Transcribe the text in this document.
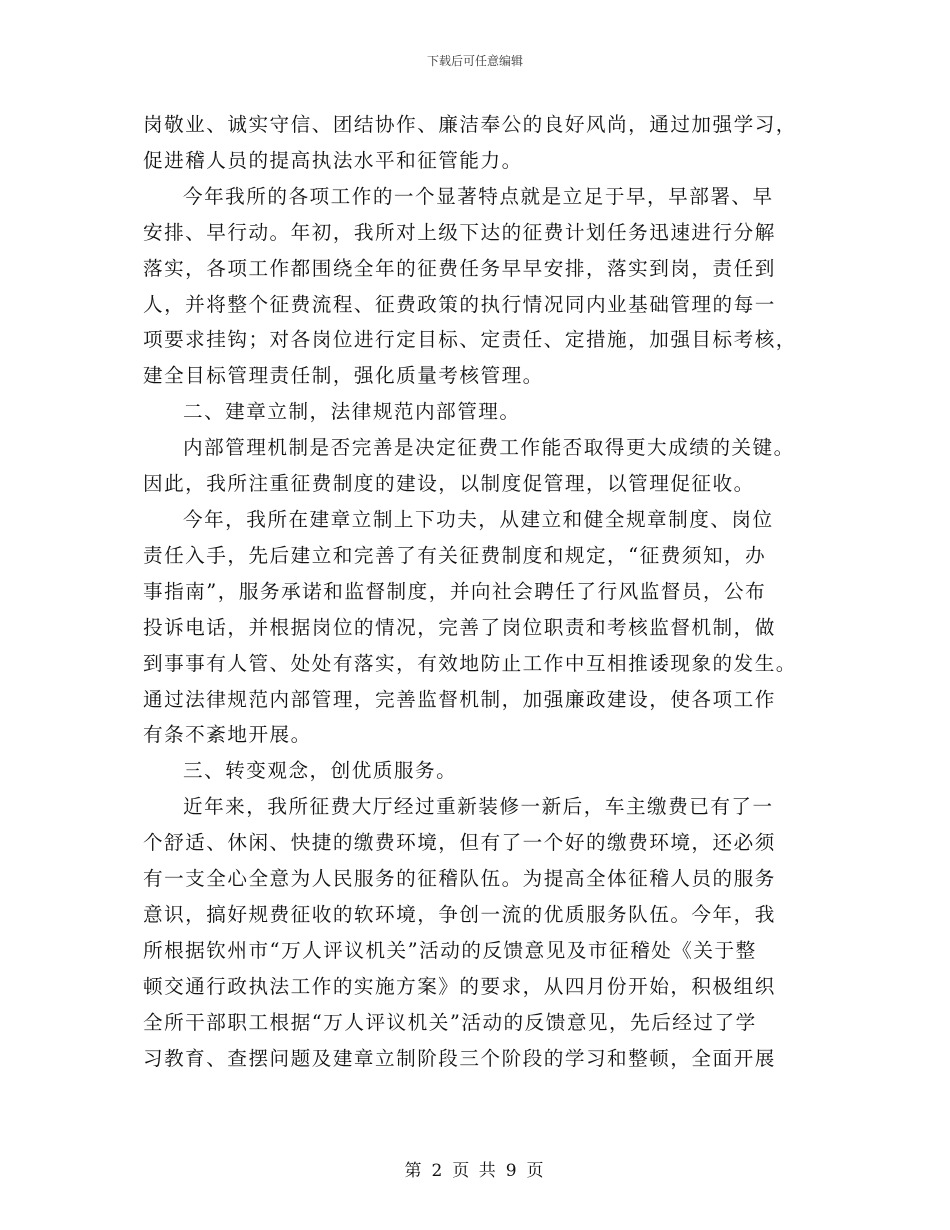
下载后可任意编辑

岗敬业、诚实守信、团结协作、廉洁奉公的良好风尚，通过加强学习，
促进稽人员的提高执法水平和征管能力。

今年我所的各项工作的一个显著特点就是立足于早，早部署、早
安排、早行动。年初，我所对上级下达的征费计划任务迅速进行分解
落实，各项工作都围绕全年的征费任务早早安排，落实到岗，责任到
人，并将整个征费流程、征费政策的执行情况同内业基础管理的每一
项要求挂钩；对各岗位进行定目标、定责任、定措施，加强目标考核，
建全目标管理责任制，强化质量考核管理。

二、建章立制，法律规范内部管理。

内部管理机制是否完善是决定征费工作能否取得更大成绩的关键。
因此，我所注重征费制度的建设，以制度促管理，以管理促征收。

今年，我所在建章立制上下功夫，从建立和健全规章制度、岗位
责任入手，先后建立和完善了有关征费制度和规定，“征费须知，办
事指南”，服务承诺和监督制度，并向社会聘任了行风监督员，公布
投诉电话，并根据岗位的情况，完善了岗位职责和考核监督机制，做
到事事有人管、处处有落实，有效地防止工作中互相推诿现象的发生。
通过法律规范内部管理，完善监督机制，加强廉政建设，使各项工作
有条不紊地开展。

三、转变观念，创优质服务。

近年来，我所征费大厅经过重新装修一新后，车主缴费已有了一
个舒适、休闲、快捷的缴费环境，但有了一个好的缴费环境，还必须
有一支全心全意为人民服务的征稽队伍。为提高全体征稽人员的服务
意识，搞好规费征收的软环境，争创一流的优质服务队伍。今年，我
所根据钦州市“万人评议机关”活动的反馈意见及市征稽处《关于整
顿交通行政执法工作的实施方案》的要求，从四月份开始，积极组织
全所干部职工根据“万人评议机关”活动的反馈意见，先后经过了学
习教育、查摆问题及建章立制阶段三个阶段的学习和整顿，全面开展

第 2 页 共 9 页
